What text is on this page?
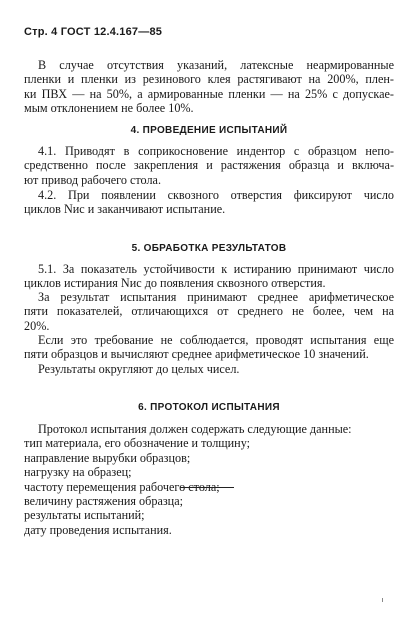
Стр. 4 ГОСТ 12.4.167—85
В случае отсутствия указаний, латексные неармированные
пленки и пленки из резинового клея растягивают на 200%, плен-
ки ПВХ — на 50%, а армированные пленки — на 25% с допускае-
мым отклонением не более 10%.
4. ПРОВЕДЕНИЕ ИСПЫТАНИЙ
4.1. Приводят в соприкосновение индентор с образцом непо-
средственно после закрепления и растяжения образца и включа-
ют привод рабочего стола.
4.2. При появлении сквозного отверстия фиксируют число
циклов Nис и заканчивают испытание.
5. ОБРАБОТКА РЕЗУЛЬТАТОВ
5.1. За показатель устойчивости к истиранию принимают число
циклов истирания Nис до появления сквозного отверстия.
За результат испытания принимают среднее арифметическое
пяти показателей, отличающихся от среднего не более, чем на
20%.
Если это требование не соблюдается, проводят испытания еще
пяти образцов и вычисляют среднее арифметическое 10 значений.
Результаты округляют до целых чисел.
6. ПРОТОКОЛ ИСПЫТАНИЯ
Протокол испытания должен содержать следующие данные:
тип материала, его обозначение и толщину;
направление вырубки образцов;
нагрузку на образец;
частоту перемещения рабочего стола;
величину растяжения образца;
результаты испытаний;
дату проведения испытания.
